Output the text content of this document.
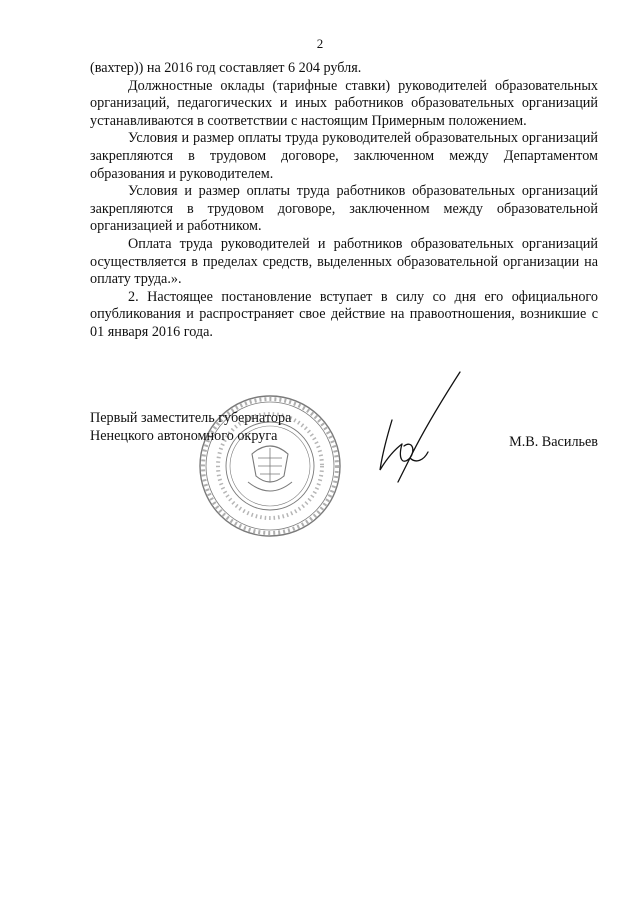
2

(вахтер)) на 2016 год составляет 6 204 рубля.

Должностные оклады (тарифные ставки) руководителей образовательных организаций, педагогических и иных работников образовательных организаций устанавливаются в соответствии с настоящим Примерным положением.

Условия и размер оплаты труда руководителей образовательных организаций закрепляются в трудовом договоре, заключенном между Департаментом образования и руководителем.

Условия и размер оплаты труда работников образовательных организаций закрепляются в трудовом договоре, заключенном между образовательной организацией и работником.

Оплата труда руководителей и работников образовательных организаций осуществляется в пределах средств, выделенных образовательной организации на оплату труда.».

2. Настоящее постановление вступает в силу со дня его официального опубликования и распространяет свое действие на правоотношения, возникшие с 01 января 2016 года.

Первый заместитель губернатора
Ненецкого автономного округа	М.В. Васильев
